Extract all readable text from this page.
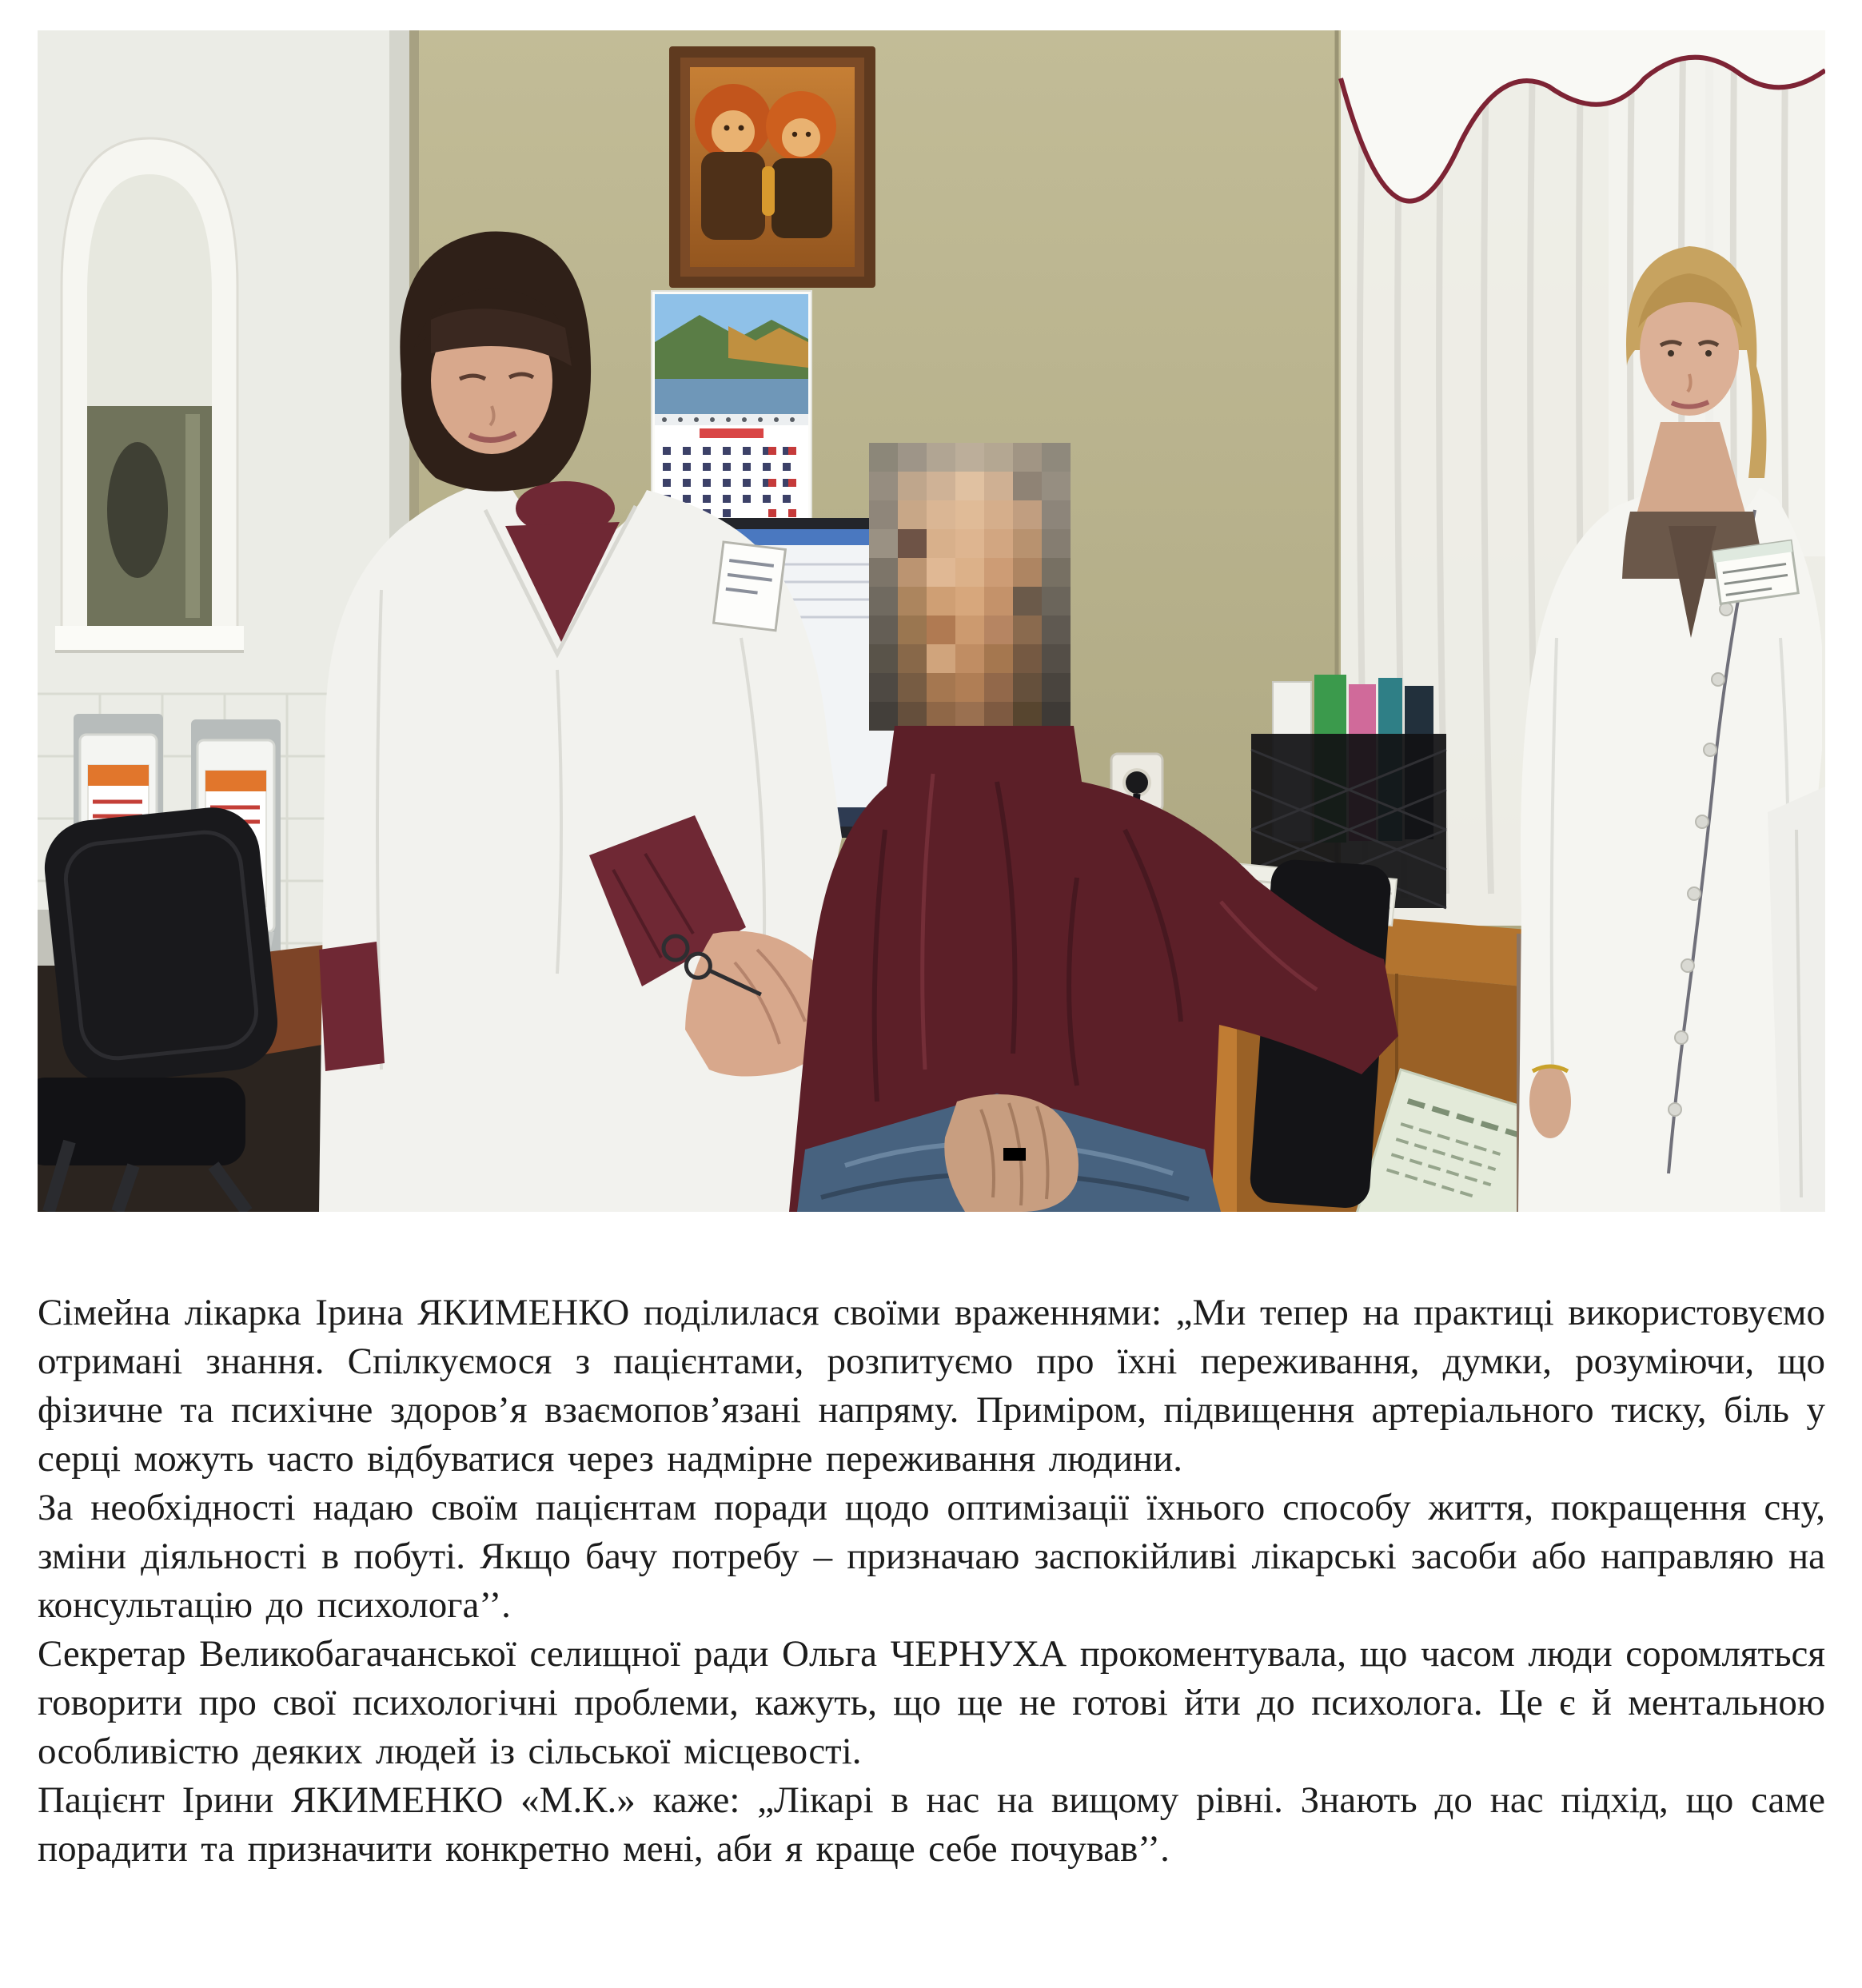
Сімейна лікарка Ірина ЯКИМЕНКО поділилася своїми враженнями: „Ми тепер на практиці використовуємо отримані знання. Спілкуємося з пацієнтами, розпитуємо про їхні переживання, думки, розуміючи, що фізичне та психічне здоров’я взаємопов’язані напряму. Приміром, підвищення артеріального тиску, біль у серці можуть часто відбуватися через надмірне переживання людини.

За необхідності надаю своїм пацієнтам поради щодо оптимізації їхнього способу життя, покращення сну, зміни діяльності в побуті. Якщо бачу потребу – призначаю заспокійливі лікарські засоби або направляю на консультацію до психолога’’.

Секретар Великобагачанської селищної ради Ольга ЧЕРНУХА прокоментувала, що часом люди соромляться говорити про свої психологічні проблеми, кажуть, що ще не готові йти до психолога. Це є й ментальною особливістю деяких людей із сільської місцевості.

Пацієнт Ірини ЯКИМЕНКО «М.К.» каже: „Лікарі в нас на вищому рівні. Знають до нас підхід, що саме порадити та призначити конкретно мені, аби я краще себе почував’’.
